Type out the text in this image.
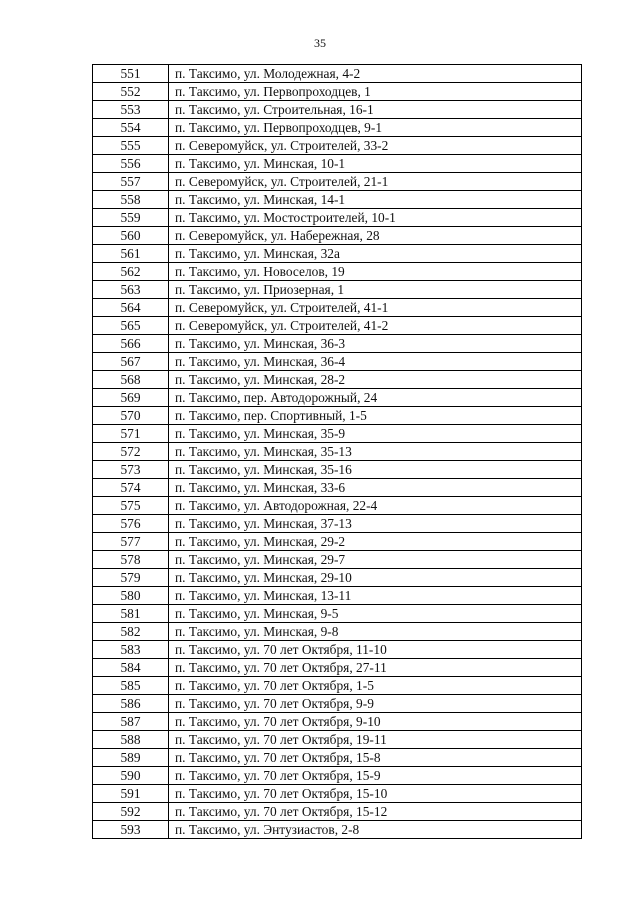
35
551	п. Таксимо, ул. Молодежная, 4-2
552	п. Таксимо, ул. Первопроходцев, 1
553	п. Таксимо, ул. Строительная, 16-1
554	п. Таксимо, ул. Первопроходцев, 9-1
555	п. Северомуйск, ул. Строителей, 33-2
556	п. Таксимо, ул. Минская, 10-1
557	п. Северомуйск, ул. Строителей, 21-1
558	п. Таксимо, ул. Минская, 14-1
559	п. Таксимо, ул. Мостостроителей, 10-1
560	п. Северомуйск, ул. Набережная, 28
561	п. Таксимо, ул. Минская, 32а
562	п. Таксимо, ул. Новоселов, 19
563	п. Таксимо, ул. Приозерная, 1
564	п. Северомуйск, ул. Строителей, 41-1
565	п. Северомуйск, ул. Строителей, 41-2
566	п. Таксимо, ул. Минская, 36-3
567	п. Таксимо, ул. Минская, 36-4
568	п. Таксимо, ул. Минская, 28-2
569	п. Таксимо, пер. Автодорожный, 24
570	п. Таксимо, пер. Спортивный, 1-5
571	п. Таксимо, ул. Минская, 35-9
572	п. Таксимо, ул. Минская, 35-13
573	п. Таксимо, ул. Минская, 35-16
574	п. Таксимо, ул. Минская, 33-6
575	п. Таксимо, ул. Автодорожная, 22-4
576	п. Таксимо, ул. Минская, 37-13
577	п. Таксимо, ул. Минская, 29-2
578	п. Таксимо, ул. Минская, 29-7
579	п. Таксимо, ул. Минская, 29-10
580	п. Таксимо, ул. Минская, 13-11
581	п. Таксимо, ул. Минская, 9-5
582	п. Таксимо, ул. Минская, 9-8
583	п. Таксимо, ул. 70 лет Октября, 11-10
584	п. Таксимо, ул. 70 лет Октября, 27-11
585	п. Таксимо, ул. 70 лет Октября, 1-5
586	п. Таксимо, ул. 70 лет Октября, 9-9
587	п. Таксимо, ул. 70 лет Октября, 9-10
588	п. Таксимо, ул. 70 лет Октября, 19-11
589	п. Таксимо, ул. 70 лет Октября, 15-8
590	п. Таксимо, ул. 70 лет Октября, 15-9
591	п. Таксимо, ул. 70 лет Октября, 15-10
592	п. Таксимо, ул. 70 лет Октября, 15-12
593	п. Таксимо, ул. Энтузиастов, 2-8
